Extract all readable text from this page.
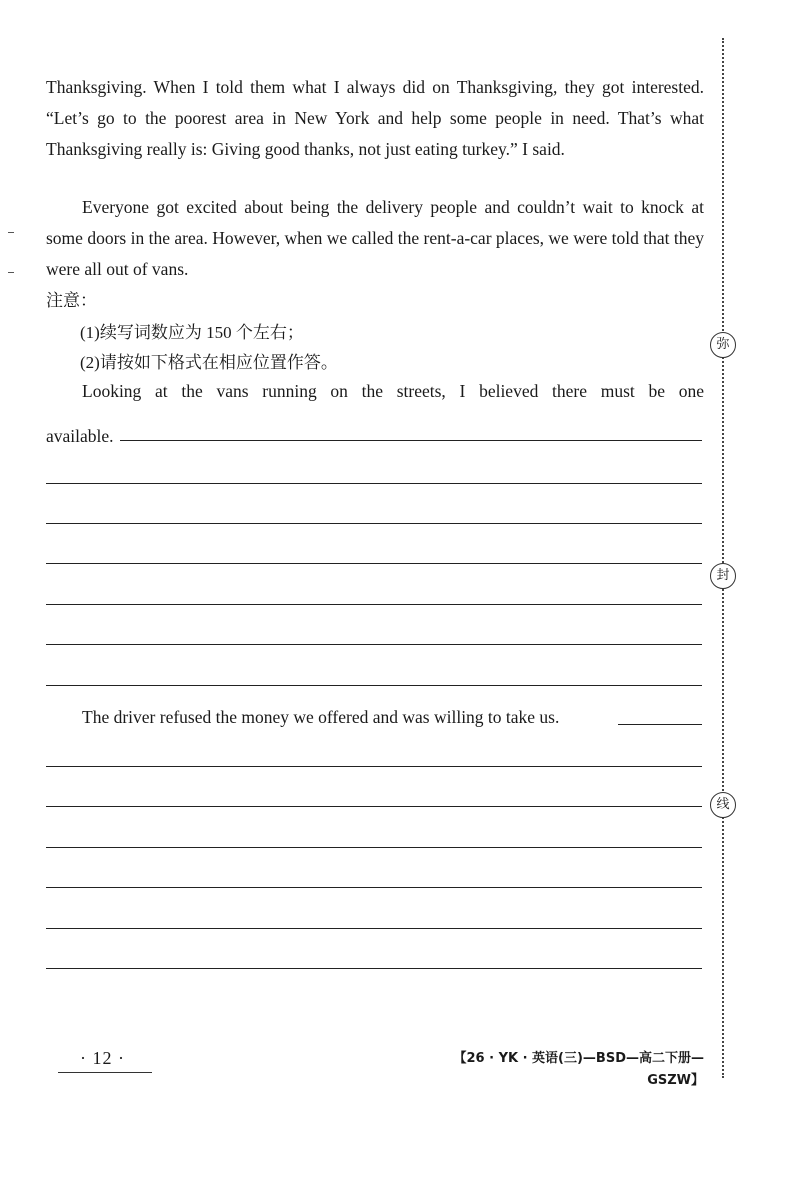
Thanksgiving. When I told them what I always did on Thanksgiving, they got interested. “Let’s go to the poorest area in New York and help some people in need. That’s what Thanksgiving really is: Giving good thanks, not just eating turkey.” I said.
Everyone got excited about being the delivery people and couldn’t wait to knock at some doors in the area. However, when we called the rent-a-car places, we were told that they were all out of vans.
注意：
(1)续写词数应为 150 个左右；
(2)请按如下格式在相应位置作答。
Looking at the vans running on the streets, I believed there must be one
available.
The driver refused the money we offered and was willing to take us.
弥
封
线
· 12 ·	【26 · YK · 英语(三)—BSD—高二下册—GSZW】
